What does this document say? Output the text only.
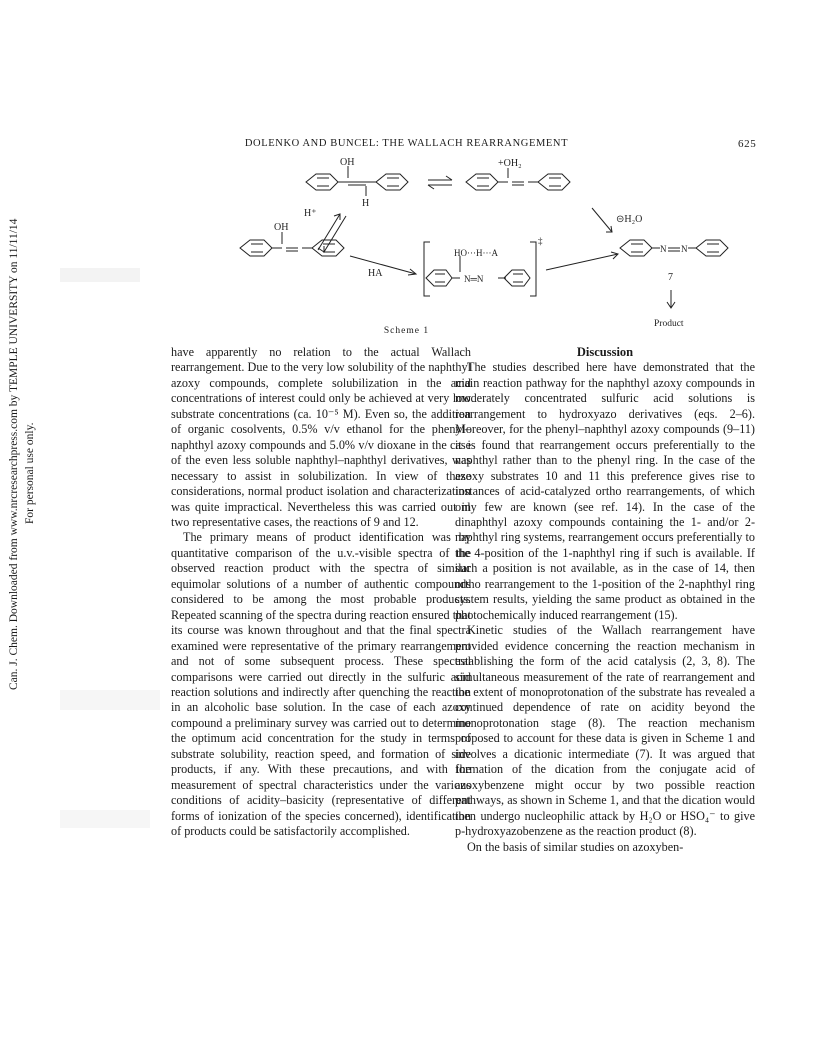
Can. J. Chem. Downloaded from www.nrcresearchpress.com by TEMPLE UNIVERSITY on 11/11/14 For personal use only.
DOLENKO AND BUNCEL: THE WALLACH REARRANGEMENT	625
OH	+OH₂
H
H⁺
⊝H₂O
OH
HA
HO···H···A
N═N
‡
N N
7
Product
Scheme 1

have apparently no relation to the actual Wallach rearrangement. Due to the very low solubility of the naphthyl azoxy compounds, complete solubilization in the acid concentrations of interest could only be achieved at very low substrate concentrations (ca. 10⁻⁵ M). Even so, the addition of organic cosolvents, 0.5% v/v ethanol for the phenyl–naphthyl azoxy compounds and 5.0% v/v dioxane in the case of the even less soluble naphthyl–naphthyl derivatives, was necessary to assist in solubilization. In view of these considerations, normal product isolation and characterization was quite impractical. Nevertheless this was carried out in two representative cases, the reactions of 9 and 12.

The primary means of product identification was by quantitative comparison of the u.v.-visible spectra of the observed reaction product with the spectra of similar equimolar solutions of a number of authentic compounds considered to be among the most probable products. Repeated scanning of the spectra during reaction ensured that its course was known throughout and that the final spectra examined were representative of the primary rearrangement and not of some subsequent process. These spectral comparisons were carried out directly in the sulfuric acid reaction solutions and indirectly after quenching the reaction in an alcoholic base solution. In the case of each azoxy compound a preliminary survey was carried out to determine the optimum acid concentration for the study in terms of substrate solubility, reaction speed, and formation of side products, if any. With these precautions, and with the measurement of spectral characteristics under the various conditions of acidity–basicity (representative of different forms of ionization of the species concerned), identification of products could be satisfactorily accomplished.

Discussion

The studies described here have demonstrated that the main reaction pathway for the naphthyl azoxy compounds in moderately concentrated sulfuric acid solutions is rearrangement to hydroxyazo derivatives (eqs. 2–6). Moreover, for the phenyl–naphthyl azoxy compounds (9–11) it is found that rearrangement occurs preferentially to the naphthyl rather than to the phenyl ring. In the case of the azoxy substrates 10 and 11 this preference gives rise to instances of acid-catalyzed ortho rearrangements, of which only few are known (see ref. 14). In the case of the dinaphthyl azoxy compounds containing the 1- and/or 2-naphthyl ring systems, rearrangement occurs preferentially to the 4-position of the 1-naphthyl ring if such is available. If such a position is not available, as in the case of 14, then ortho rearrangement to the 1-position of the 2-naphthyl ring system results, yielding the same product as obtained in the photochemically induced rearrangement (15).

Kinetic studies of the Wallach rearrangement have provided evidence concerning the reaction mechanism in establishing the form of the acid catalysis (2, 3, 8). The simultaneous measurement of the rate of rearrangement and the extent of monoprotonation of the substrate has revealed a continued dependence of rate on acidity beyond the monoprotonation stage (8). The reaction mechanism proposed to account for these data is given in Scheme 1 and involves a dicationic intermediate (7). It was argued that formation of the dication from the conjugate acid of azoxybenzene might occur by two possible reaction pathways, as shown in Scheme 1, and that the dication would then undergo nucleophilic attack by H₂O or HSO₄⁻ to give p-hydroxyazobenzene as the reaction product (8).

On the basis of similar studies on azoxyben-
